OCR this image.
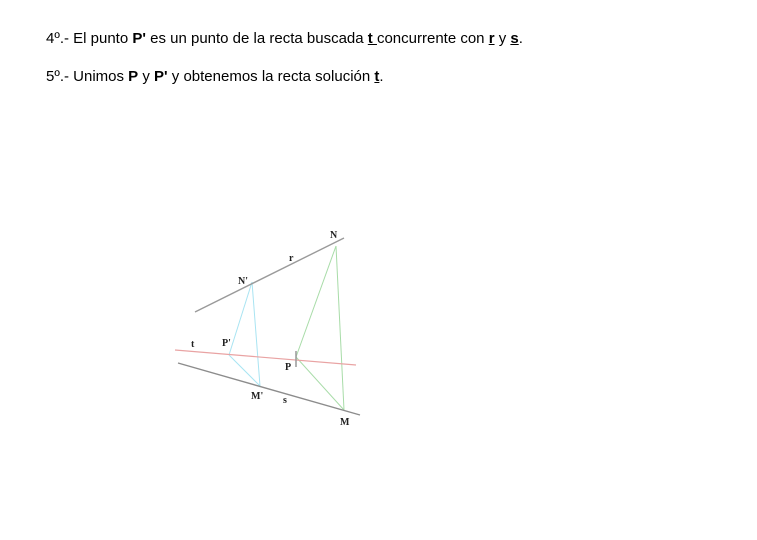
4º.- El punto P' es un punto de la recta buscada t concurrente con r y s.
5º.- Unimos P y P' y obtenemos la recta solución t.
N
r
N'
t	P'
P
M' s
M
